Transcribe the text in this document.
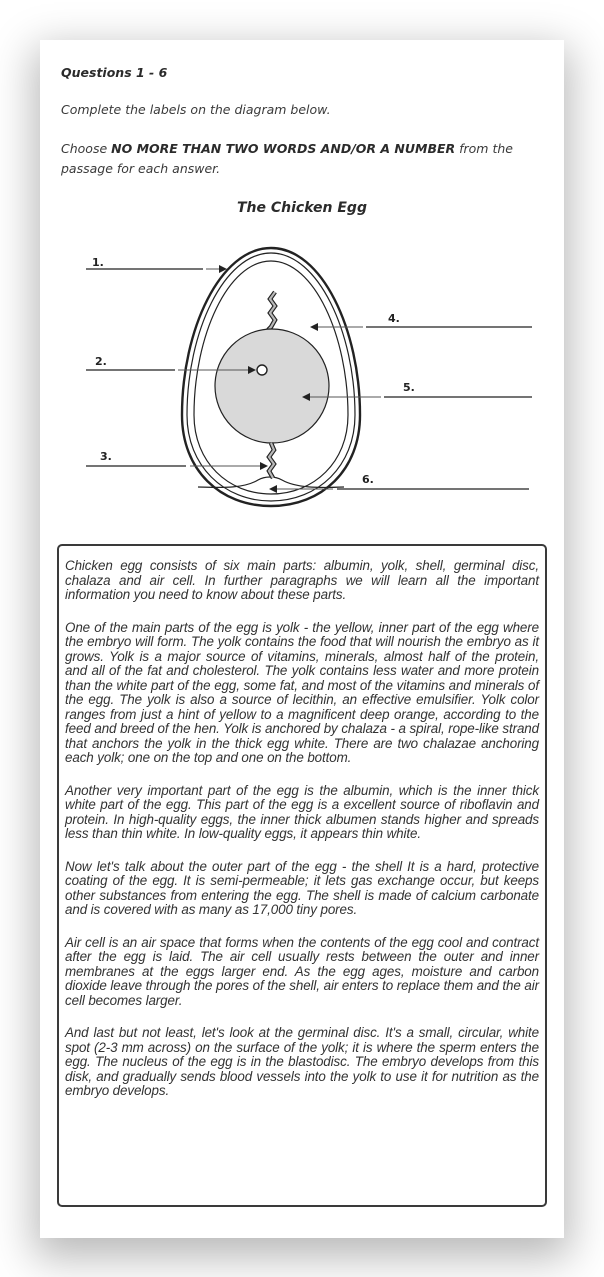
Questions 1 - 6
Complete the labels on the diagram below.
Choose NO MORE THAN TWO WORDS AND/OR A NUMBER from the passage for each answer.
The Chicken Egg
1.
2.
3.
4.
5.
6.

Chicken egg consists of six main parts: albumin, yolk, shell, germinal disc, chalaza and air cell. In further paragraphs we will learn all the important information you need to know about these parts.

One of the main parts of the egg is yolk - the yellow, inner part of the egg where the embryo will form. The yolk contains the food that will nourish the embryo as it grows. Yolk is a major source of vitamins, minerals, almost half of the protein, and all of the fat and cholesterol. The yolk contains less water and more protein than the white part of the egg, some fat, and most of the vitamins and minerals of the egg. The yolk is also a source of lecithin, an effective emulsifier. Yolk color ranges from just a hint of yellow to a magnificent deep orange, according to the feed and breed of the hen. Yolk is anchored by chalaza - a spiral, rope-like strand that anchors the yolk in the thick egg white. There are two chalazae anchoring each yolk; one on the top and one on the bottom.

Another very important part of the egg is the albumin, which is the inner thick white part of the egg. This part of the egg is a excellent source of riboflavin and protein. In high-quality eggs, the inner thick albumen stands higher and spreads less than thin white. In low-quality eggs, it appears thin white.

Now let's talk about the outer part of the egg - the shell It is a hard, protective coating of the egg. It is semi-permeable; it lets gas exchange occur, but keeps other substances from entering the egg. The shell is made of calcium carbonate and is covered with as many as 17,000 tiny pores.

Air cell is an air space that forms when the contents of the egg cool and contract after the egg is laid. The air cell usually rests between the outer and inner membranes at the eggs larger end. As the egg ages, moisture and carbon dioxide leave through the pores of the shell, air enters to replace them and the air cell becomes larger.

And last but not least, let's look at the germinal disc. It's a small, circular, white spot (2-3 mm across) on the surface of the yolk; it is where the sperm enters the egg. The nucleus of the egg is in the blastodisc. The embryo develops from this disk, and gradually sends blood vessels into the yolk to use it for nutrition as the embryo develops.
